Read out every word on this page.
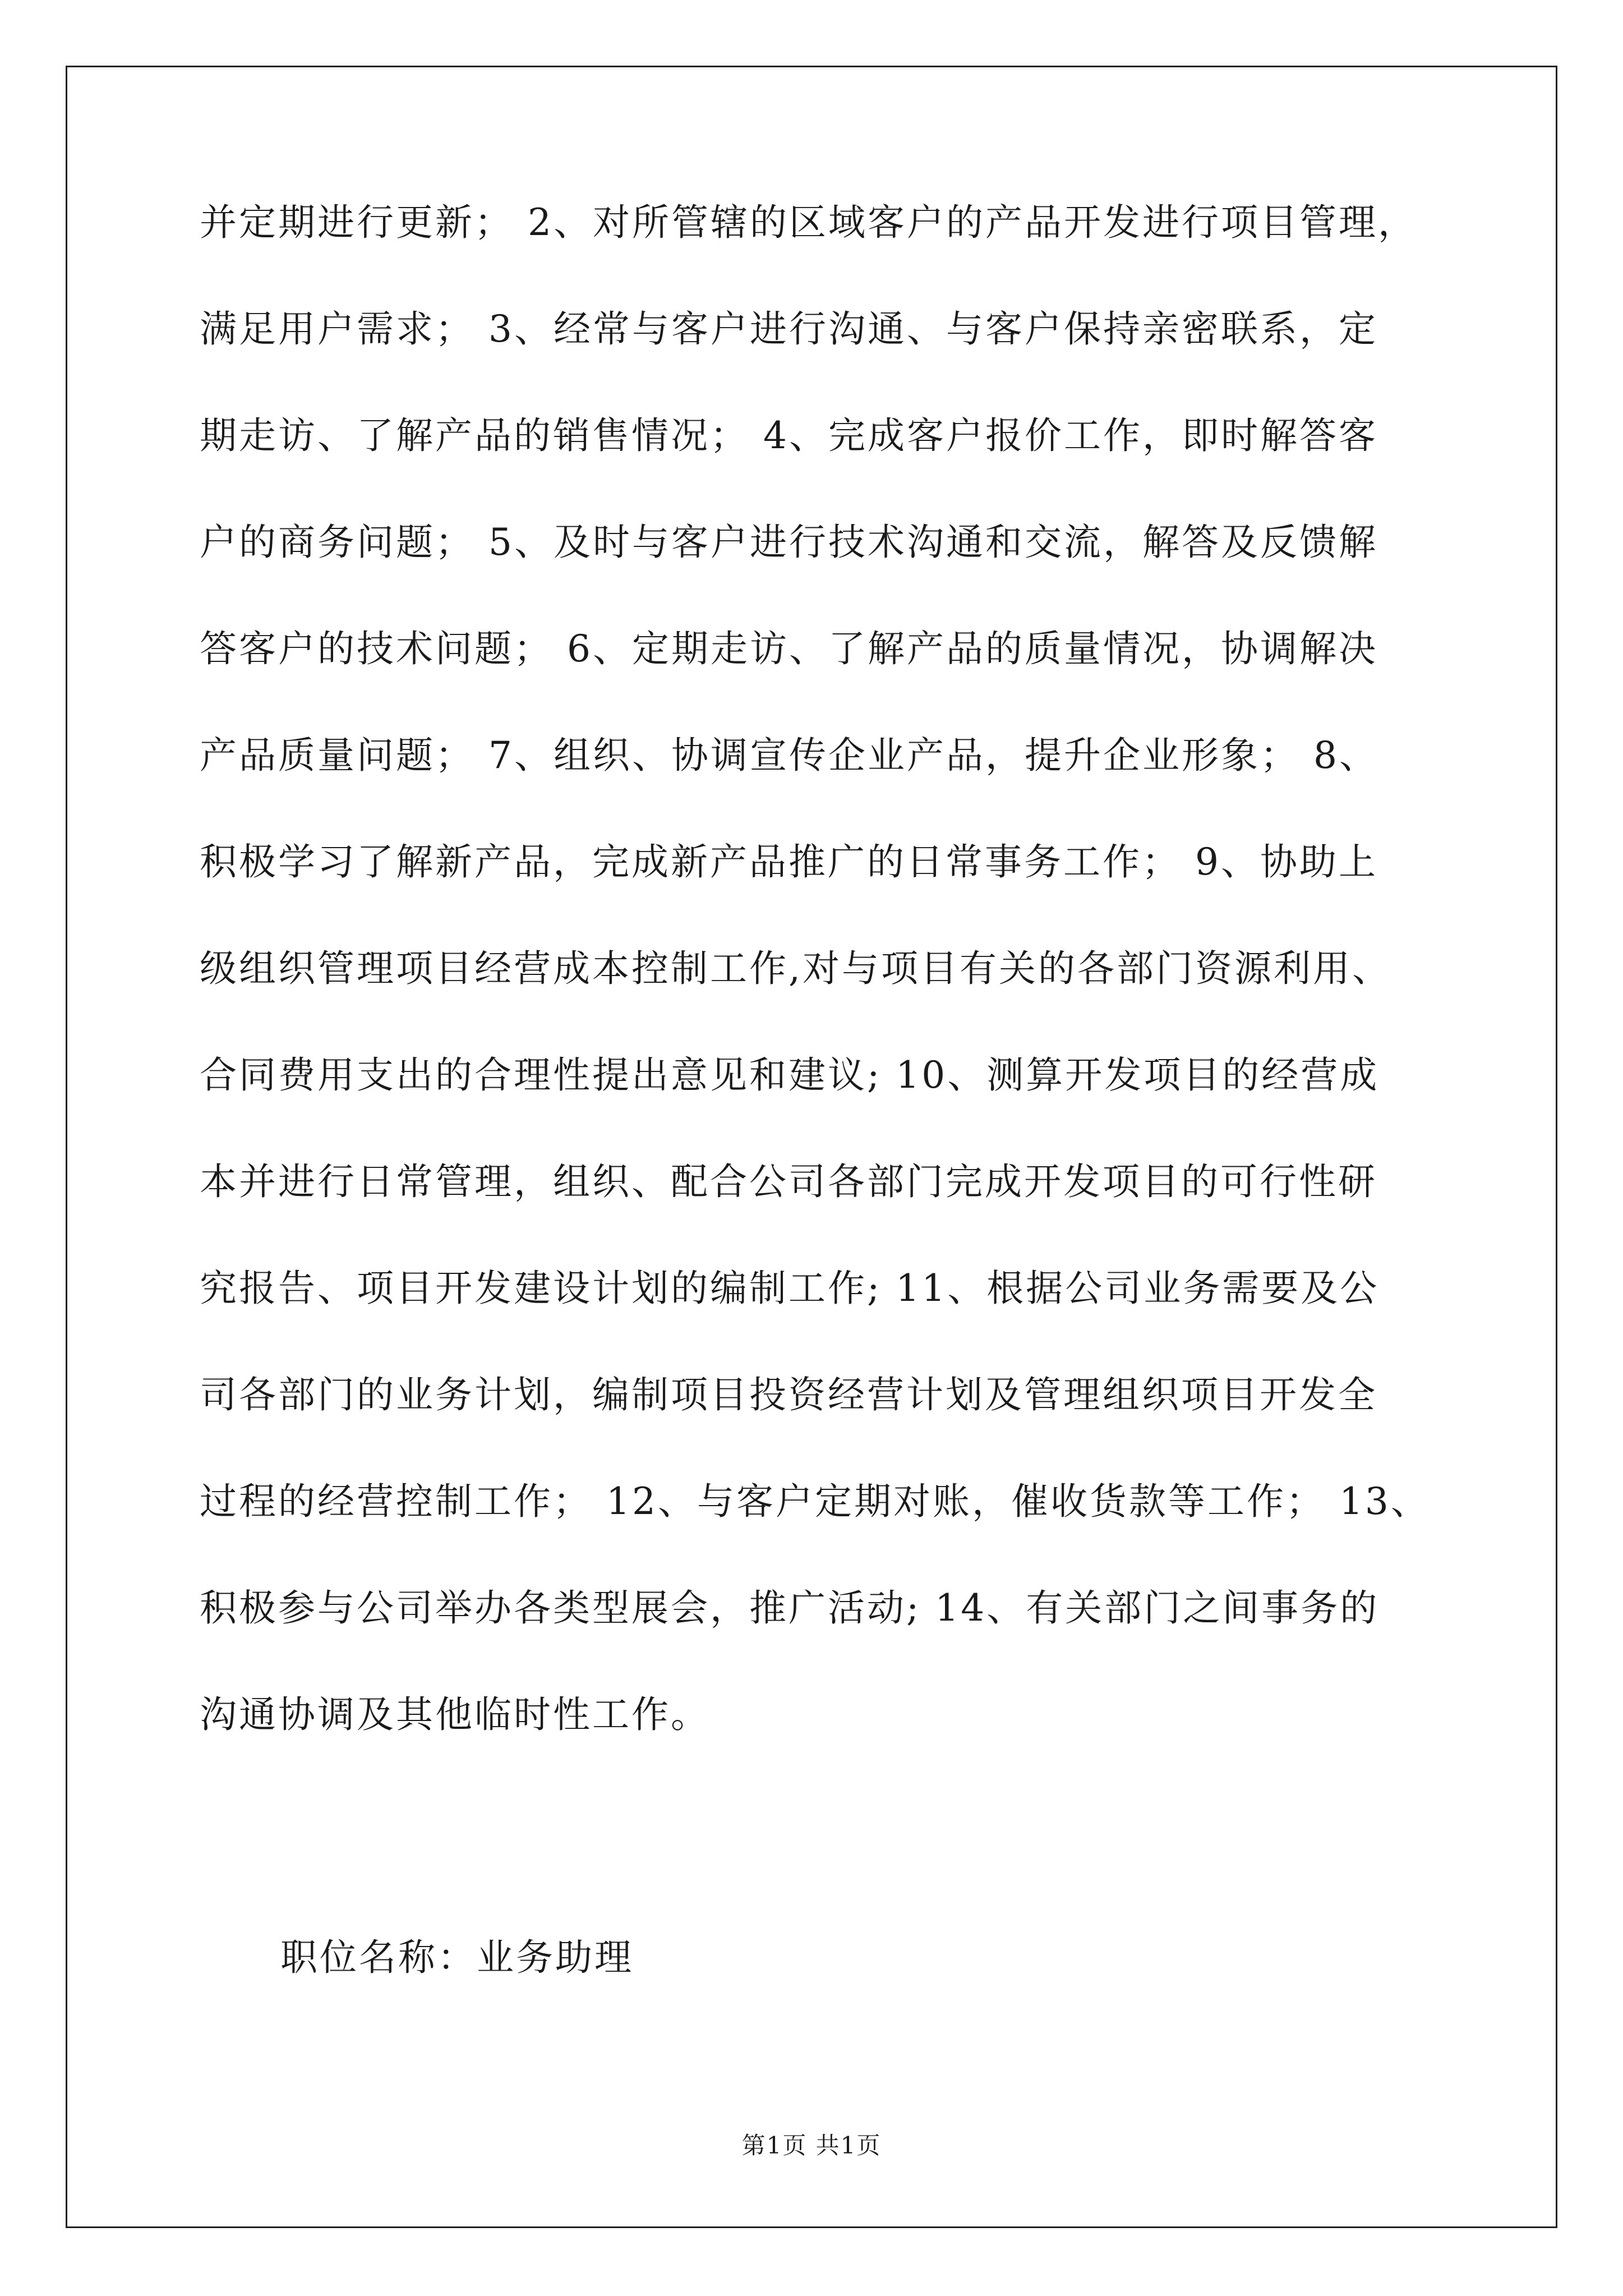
并定期进行更新； 2、对所管辖的区域客户的产品开发进行项目管理，
满足用户需求； 3、经常与客户进行沟通、与客户保持亲密联系，定
期走访、了解产品的销售情况； 4、完成客户报价工作，即时解答客
户的商务问题； 5、及时与客户进行技术沟通和交流，解答及反馈解
答客户的技术问题； 6、定期走访、了解产品的质量情况，协调解决
产品质量问题； 7、组织、协调宣传企业产品，提升企业形象； 8、
积极学习了解新产品，完成新产品推广的日常事务工作； 9、协助上
级组织管理项目经营成本控制工作,对与项目有关的各部门资源利用、
合同费用支出的合理性提出意见和建议; 10、测算开发项目的经营成
本并进行日常管理，组织、配合公司各部门完成开发项目的可行性研
究报告、项目开发建设计划的编制工作; 11、根据公司业务需要及公
司各部门的业务计划，编制项目投资经营计划及管理组织项目开发全
过程的经营控制工作； 12、与客户定期对账，催收货款等工作； 13、
积极参与公司举办各类型展会，推广活动; 14、有关部门之间事务的
沟通协调及其他临时性工作。
职位名称：业务助理
第1页 共1页
